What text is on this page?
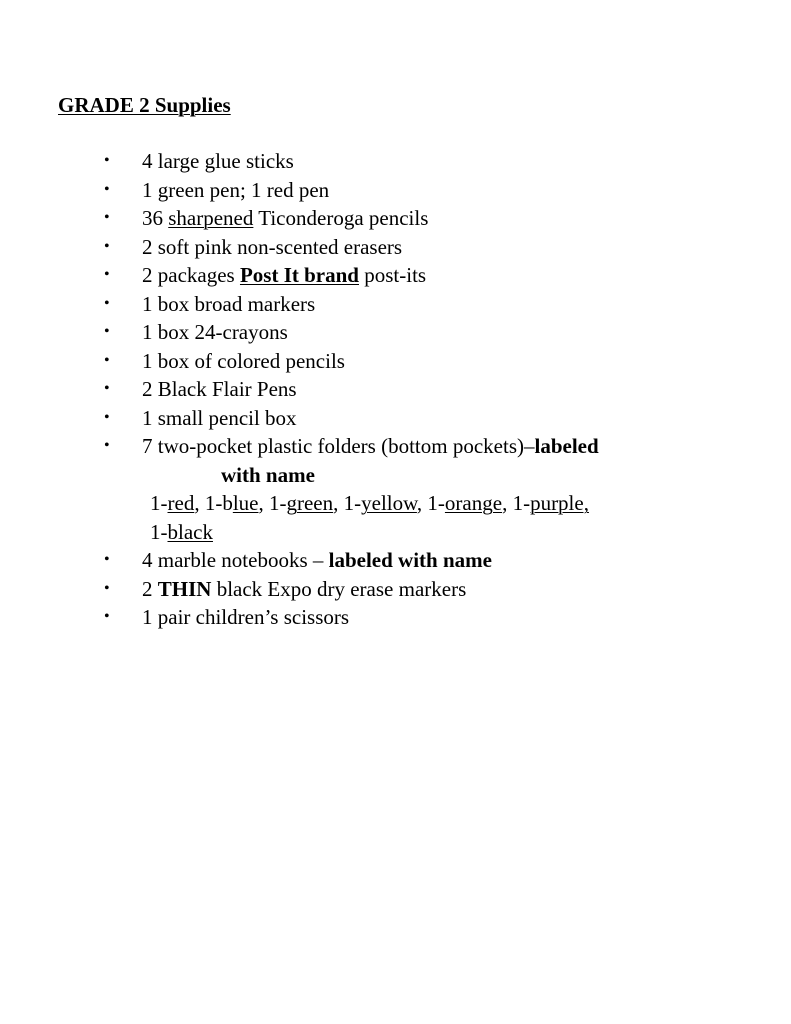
GRADE 2 Supplies
• 4 large glue sticks
• 1 green pen; 1 red pen
• 36 sharpened Ticonderoga pencils
• 2 soft pink non-scented erasers
• 2 packages Post It brand post-its
• 1 box broad markers
• 1 box 24-crayons
• 1 box of colored pencils
• 2 Black Flair Pens
• 1 small pencil box
• 7 two-pocket plastic folders (bottom pockets)–labeled
with name
1-red, 1-blue, 1-green, 1-yellow, 1-orange, 1-purple,
1-black
• 4 marble notebooks – labeled with name
• 2 THIN black Expo dry erase markers
• 1 pair children’s scissors
